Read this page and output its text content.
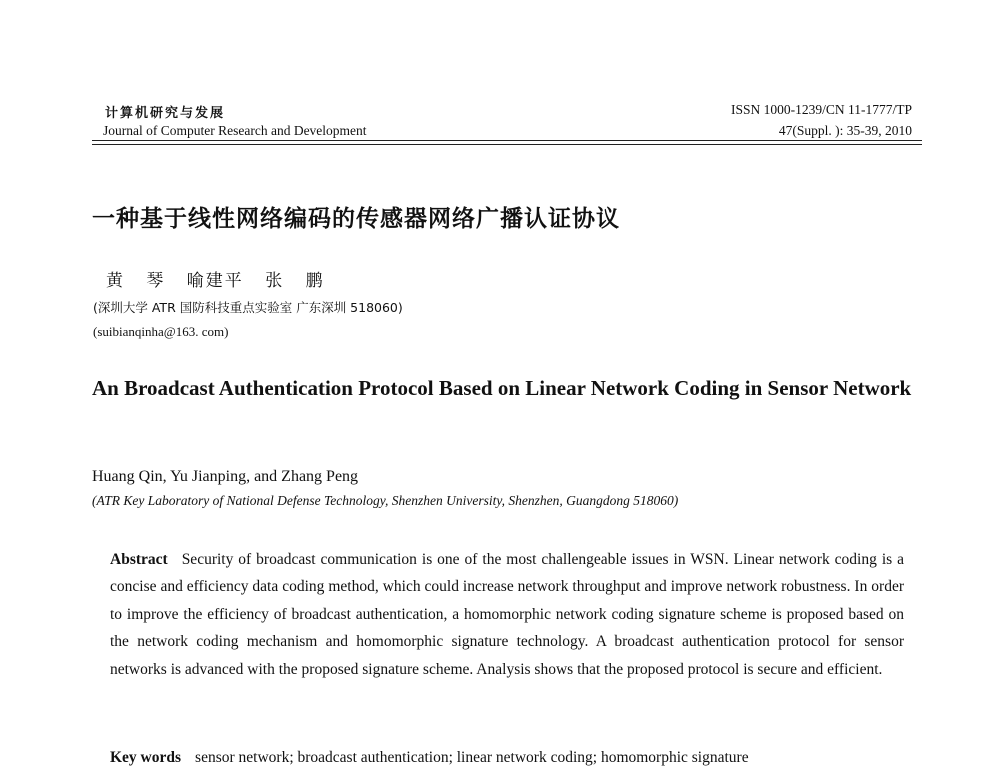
计算机研究与发展
Journal of Computer Research and Development
ISSN 1000-1239/CN 11-1777/TP
47(Suppl. ): 35-39, 2010
一种基于线性网络编码的传感器网络广播认证协议
黄 琴 喻建平 张 鹏
(深圳大学 ATR 国防科技重点实验室 广东深圳 518060)
(suibianqinha@163. com)
An Broadcast Authentication Protocol Based on Linear Network Coding in Sensor Network
Huang Qin, Yu Jianping, and Zhang Peng
(ATR Key Laboratory of National Defense Technology, Shenzhen University, Shenzhen, Guangdong 518060)
Abstract Security of broadcast communication is one of the most challengeable issues in WSN. Linear network coding is a concise and efficiency data coding method, which could increase network throughput and improve network robustness. In order to improve the efficiency of broadcast authentication, a homomorphic network coding signature scheme is proposed based on the network coding mechanism and homomorphic signature technology. A broadcast authentication protocol for sensor networks is advanced with the proposed signature scheme. Analysis shows that the proposed protocol is secure and efficient.
Key words sensor network; broadcast authentication; linear network coding; homomorphic signature
